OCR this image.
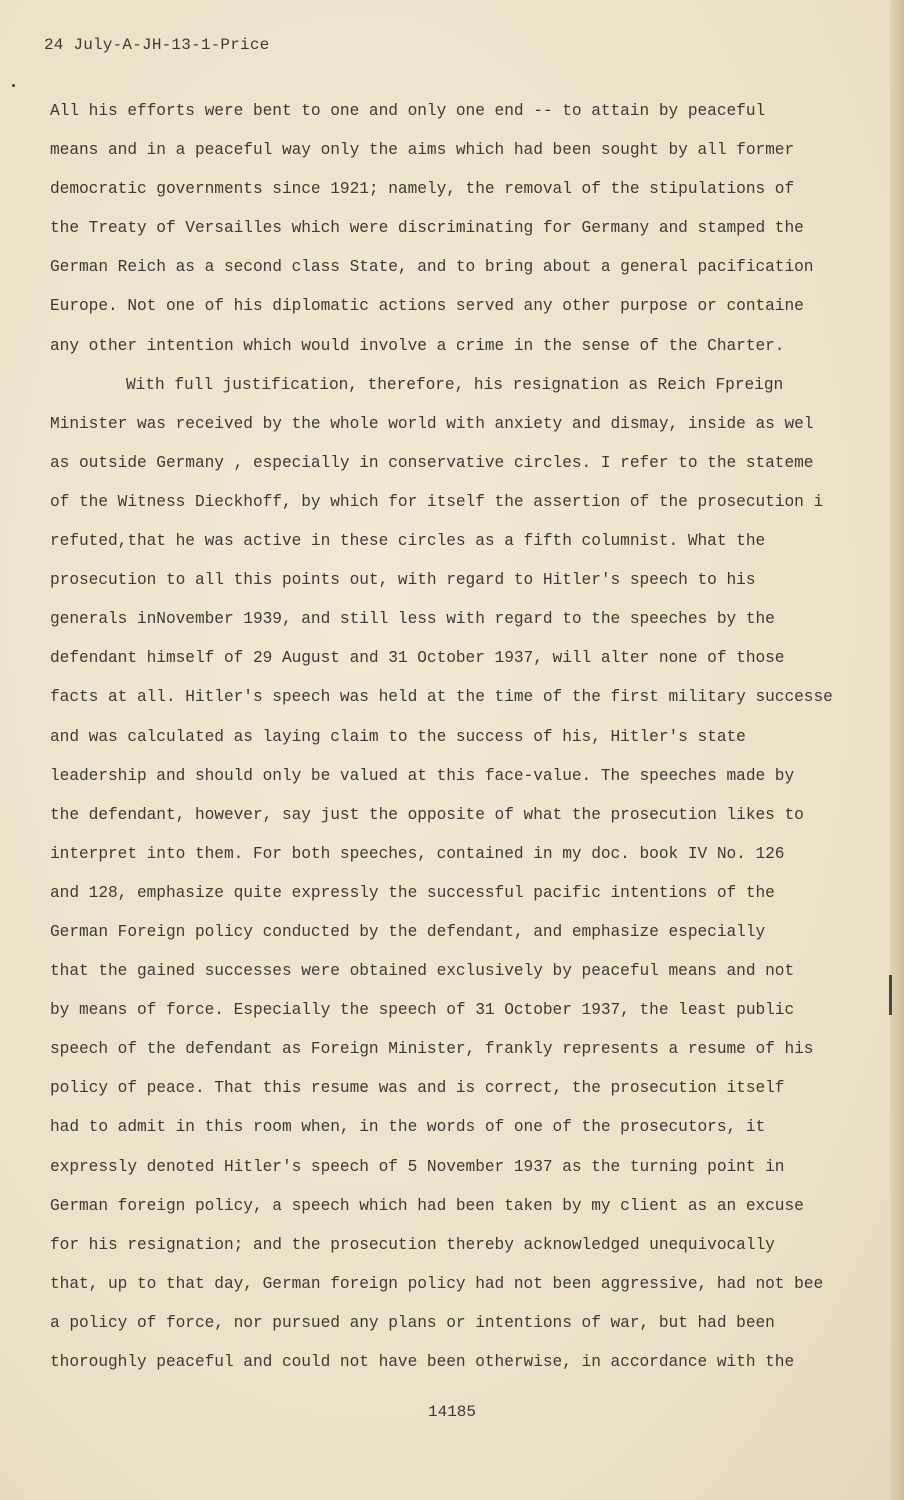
24 July-A-JH-13-1-Price
All his efforts were bent to one and only one end -- to attain by peaceful
means and in a peaceful way only the aims which had been sought by all former
democratic governments since 1921; namely, the removal of the stipulations of
the Treaty of Versailles which were discriminating for Germany and stamped the
German Reich as a second class State, and to bring about a general pacification
Europe. Not one of his diplomatic actions served any other purpose or containe
any other intention which would involve a crime in the sense of the Charter.
With full justification, therefore, his resignation as Reich Fpreign
Minister was received by the whole world with anxiety and dismay, inside as wel
as outside Germany , especially in conservative circles. I refer to the stateme
of the Witness Dieckhoff, by which for itself the assertion of the prosecution i
refuted,that he was active in these circles as a fifth columnist. What the
prosecution to all this points out, with regard to Hitler's speech to his
generals inNovember 1939, and still less with regard to the speeches by the
defendant himself of 29 August and 31 October 1937, will alter none of those
facts at all. Hitler's speech was held at the time of the first military successe
and was calculated as laying claim to the success of his, Hitler's state
leadership and should only be valued at this face-value. The speeches made by
the defendant, however, say just the opposite of what the prosecution likes to
interpret into them. For both speeches, contained in my doc. book IV No. 126
and 128, emphasize quite expressly the successful pacific intentions of the
German Foreign policy conducted by the defendant, and emphasize especially
that the gained successes were obtained exclusively by peaceful means and not
by means of force. Especially the speech of 31 October 1937, the least public
speech of the defendant as Foreign Minister, frankly represents a resume of his
policy of peace. That this resume was and is correct, the prosecution itself
had to admit in this room when, in the words of one of the prosecutors, it
expressly denoted Hitler's speech of 5 November 1937 as the turning point in
German foreign policy, a speech which had been taken by my client as an excuse
for his resignation; and the prosecution thereby acknowledged unequivocally
that, up to that day, German foreign policy had not been aggressive, had not bee
a policy of force, nor pursued any plans or intentions of war, but had been
thoroughly peaceful and could not have been otherwise, in accordance with the
14185
